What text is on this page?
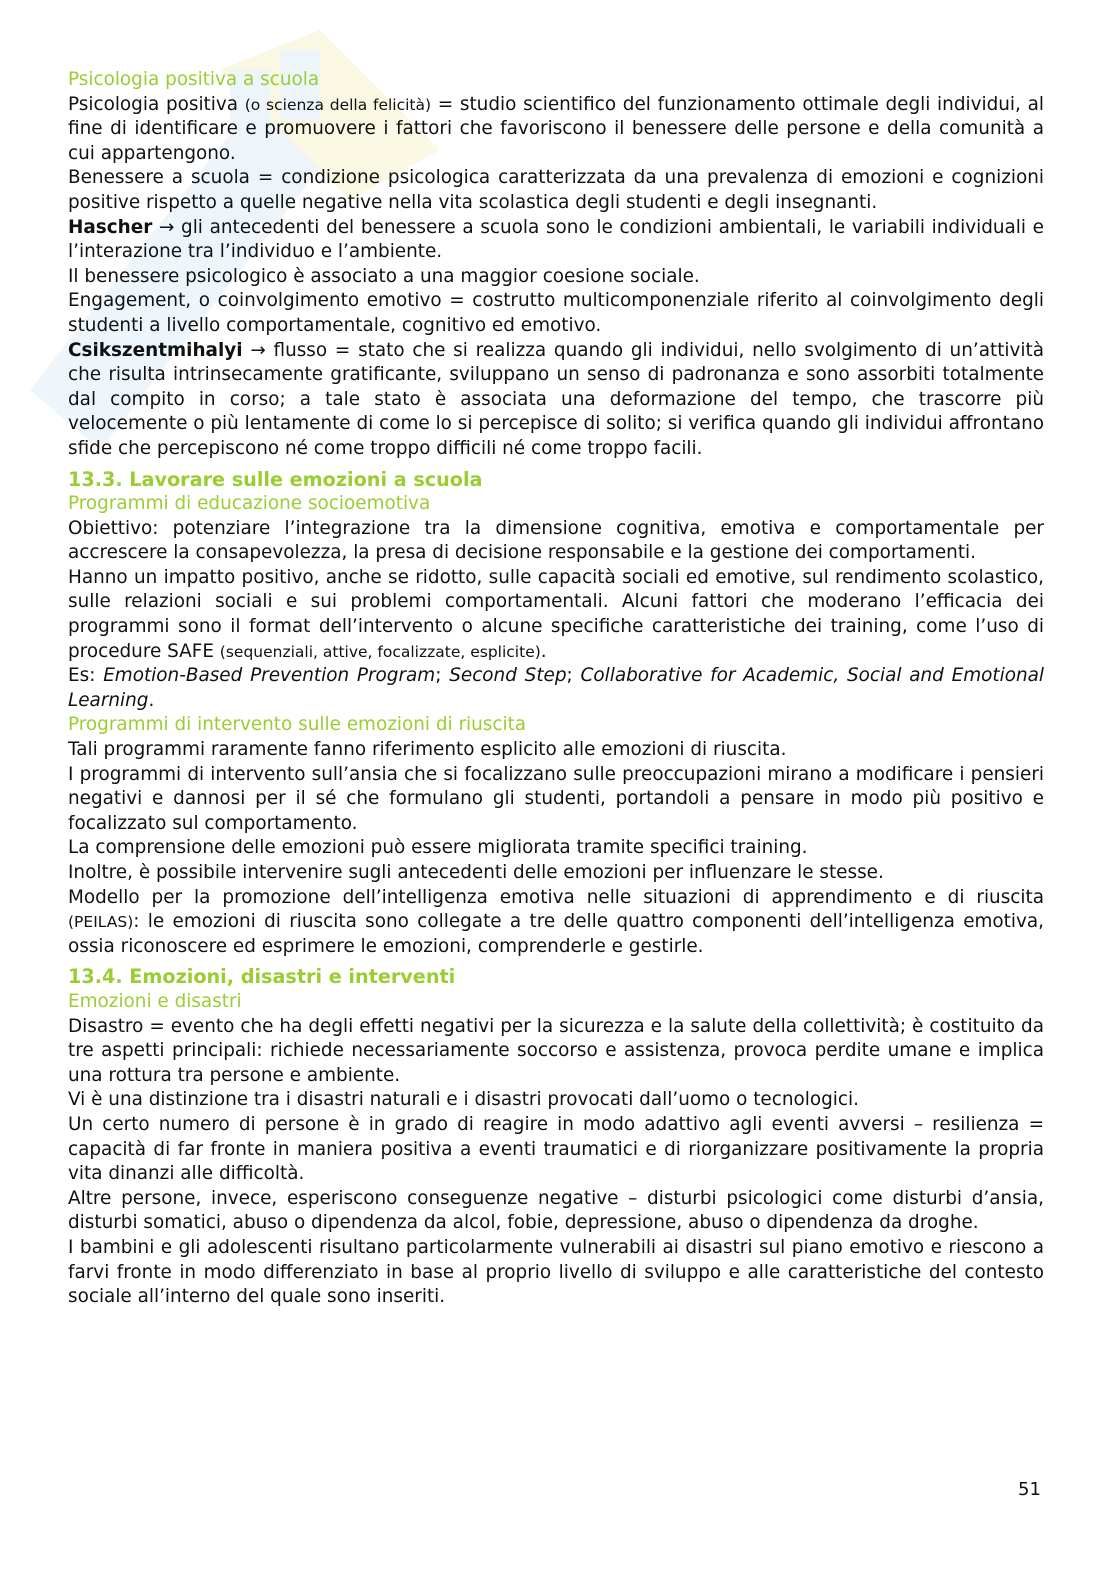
Psicologia positiva a scuola

Psicologia positiva (o scienza della felicità) = studio scientifico del funzionamento ottimale degli individui, al fine di identificare e promuovere i fattori che favoriscono il benessere delle persone e della comunità a cui appartengono.

Benessere a scuola = condizione psicologica caratterizzata da una prevalenza di emozioni e cognizioni positive rispetto a quelle negative nella vita scolastica degli studenti e degli insegnanti.

Hascher → gli antecedenti del benessere a scuola sono le condizioni ambientali, le variabili individuali e l’interazione tra l’individuo e l’ambiente.

Il benessere psicologico è associato a una maggior coesione sociale.

Engagement, o coinvolgimento emotivo = costrutto multicomponenziale riferito al coinvolgimento degli studenti a livello comportamentale, cognitivo ed emotivo.

Csikszentmihalyi → flusso = stato che si realizza quando gli individui, nello svolgimento di un’attività che risulta intrinsecamente gratificante, sviluppano un senso di padronanza e sono assorbiti totalmente dal compito in corso; a tale stato è associata una deformazione del tempo, che trascorre più velocemente o più lentamente di come lo si percepisce di solito; si verifica quando gli individui affrontano sfide che percepiscono né come troppo difficili né come troppo facili.

13.3. Lavorare sulle emozioni a scuola
Programmi di educazione socioemotiva

Obiettivo: potenziare l’integrazione tra la dimensione cognitiva, emotiva e comportamentale per accrescere la consapevolezza, la presa di decisione responsabile e la gestione dei comportamenti.

Hanno un impatto positivo, anche se ridotto, sulle capacità sociali ed emotive, sul rendimento scolastico, sulle relazioni sociali e sui problemi comportamentali. Alcuni fattori che moderano l’efficacia dei programmi sono il format dell’intervento o alcune specifiche caratteristiche dei training, come l’uso di procedure SAFE (sequenziali, attive, focalizzate, esplicite).

Es: Emotion-Based Prevention Program; Second Step; Collaborative for Academic, Social and Emotional Learning.

Programmi di intervento sulle emozioni di riuscita

Tali programmi raramente fanno riferimento esplicito alle emozioni di riuscita.

I programmi di intervento sull’ansia che si focalizzano sulle preoccupazioni mirano a modificare i pensieri negativi e dannosi per il sé che formulano gli studenti, portandoli a pensare in modo più positivo e focalizzato sul comportamento.

La comprensione delle emozioni può essere migliorata tramite specifici training.

Inoltre, è possibile intervenire sugli antecedenti delle emozioni per influenzare le stesse.

Modello per la promozione dell’intelligenza emotiva nelle situazioni di apprendimento e di riuscita (PEILAS): le emozioni di riuscita sono collegate a tre delle quattro componenti dell’intelligenza emotiva, ossia riconoscere ed esprimere le emozioni, comprenderle e gestirle.

13.4. Emozioni, disastri e interventi
Emozioni e disastri

Disastro = evento che ha degli effetti negativi per la sicurezza e la salute della collettività; è costituito da tre aspetti principali: richiede necessariamente soccorso e assistenza, provoca perdite umane e implica una rottura tra persone e ambiente.

Vi è una distinzione tra i disastri naturali e i disastri provocati dall’uomo o tecnologici.

Un certo numero di persone è in grado di reagire in modo adattivo agli eventi avversi – resilienza = capacità di far fronte in maniera positiva a eventi traumatici e di riorganizzare positivamente la propria vita dinanzi alle difficoltà.

Altre persone, invece, esperiscono conseguenze negative – disturbi psicologici come disturbi d’ansia, disturbi somatici, abuso o dipendenza da alcol, fobie, depressione, abuso o dipendenza da droghe.

I bambini e gli adolescenti risultano particolarmente vulnerabili ai disastri sul piano emotivo e riescono a farvi fronte in modo differenziato in base al proprio livello di sviluppo e alle caratteristiche del contesto sociale all’interno del quale sono inseriti.

51
